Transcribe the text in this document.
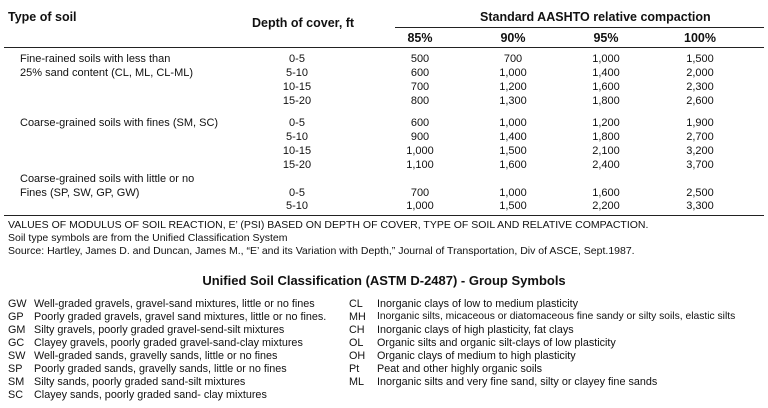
Type of soil	Depth of cover, ft	Standard AASHTO relative compaction
85%	90%	95%	100%
Fine-rained soils with less than
25% sand content (CL, ML, CL-ML)
0-5	500	700	1,000	1,500
5-10	600	1,000	1,400	2,000
10-15	700	1,200	1,600	2,300
15-20	800	1,300	1,800	2,600
Coarse-grained soils with fines (SM, SC)	0-5	600	1,000	1,200	1,900
5-10	900	1,400	1,800	2,700
10-15	1,000	1,500	2,100	3,200
15-20	1,100	1,600	2,400	3,700
Coarse-grained soils with little or no
Fines (SP, SW, GP, GW)	0-5	700	1,000	1,600	2,500
5-10	1,000	1,500	2,200	3,300
VALUES OF MODULUS OF SOIL REACTION, E’ (PSI) BASED ON DEPTH OF COVER, TYPE OF SOIL AND RELATIVE COMPACTION.
Soil type symbols are from the Unified Classification System
Source: Hartley, James D. and Duncan, James M., “E’ and its Variation with Depth,” Journal of Transportation, Div of ASCE, Sept.1987.
Unified Soil Classification (ASTM D-2487) - Group Symbols
GW Well-graded gravels, gravel-sand mixtures, little or no fines
GP Poorly graded gravels, gravel sand mixtures, little or no fines.
GM Silty gravels, poorly graded gravel-send-silt mixtures
GC Clayey gravels, poorly graded gravel-sand-clay mixtures
SW Well-graded sands, gravelly sands, little or no fines
SP Poorly graded sands, gravelly sands, little or no fines
SM Silty sands, poorly graded sand-silt mixtures
SC Clayey sands, poorly graded sand- clay mixtures
CL Inorganic clays of low to medium plasticity
MH Inorganic silts, micaceous or diatomaceous fine sandy or silty soils, elastic silts
CH Inorganic clays of high plasticity, fat clays
OL Organic silts and organic silt-clays of low plasticity
OH Organic clays of medium to high plasticity
Pt Peat and other highly organic soils
ML Inorganic silts and very fine sand, silty or clayey fine sands
